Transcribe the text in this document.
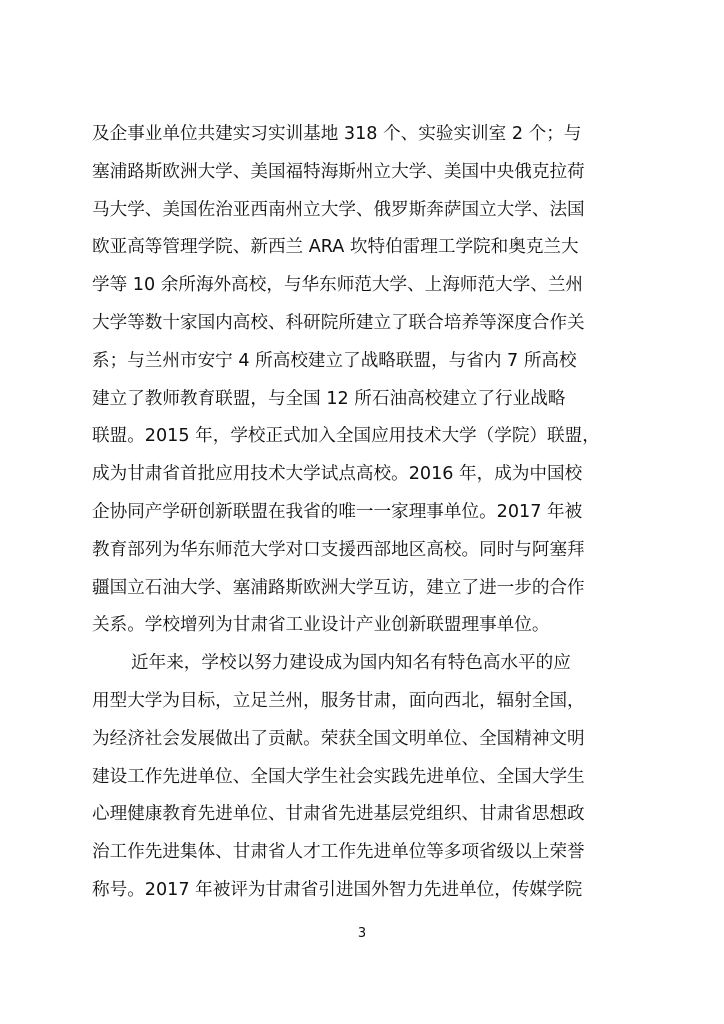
及企事业单位共建实习实训基地 318 个、实验实训室 2 个；与
塞浦路斯欧洲大学、美国福特海斯州立大学、美国中央俄克拉荷
马大学、美国佐治亚西南州立大学、俄罗斯奔萨国立大学、法国
欧亚高等管理学院、新西兰 ARA 坎特伯雷理工学院和奥克兰大
学等 10 余所海外高校，与华东师范大学、上海师范大学、兰州
大学等数十家国内高校、科研院所建立了联合培养等深度合作关
系；与兰州市安宁 4 所高校建立了战略联盟，与省内 7 所高校
建立了教师教育联盟，与全国 12 所石油高校建立了行业战略
联盟。2015 年，学校正式加入全国应用技术大学（学院）联盟，
成为甘肃省首批应用技术大学试点高校。2016 年，成为中国校
企协同产学研创新联盟在我省的唯一一家理事单位。2017 年被
教育部列为华东师范大学对口支援西部地区高校。同时与阿塞拜
疆国立石油大学、塞浦路斯欧洲大学互访，建立了进一步的合作
关系。学校增列为甘肃省工业设计产业创新联盟理事单位。
近年来，学校以努力建设成为国内知名有特色高水平的应
用型大学为目标，立足兰州，服务甘肃，面向西北，辐射全国，
为经济社会发展做出了贡献。荣获全国文明单位、全国精神文明
建设工作先进单位、全国大学生社会实践先进单位、全国大学生
心理健康教育先进单位、甘肃省先进基层党组织、甘肃省思想政
治工作先进集体、甘肃省人才工作先进单位等多项省级以上荣誉
称号。2017 年被评为甘肃省引进国外智力先进单位，传媒学院
3
